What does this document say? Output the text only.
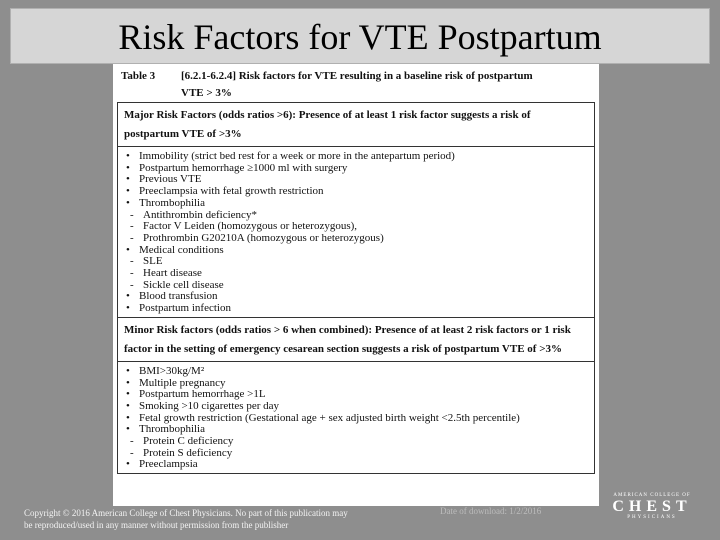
Risk Factors for VTE Postpartum
Table 3 [6.2.1-6.2.4] Risk factors for VTE resulting in a baseline risk of postpartum
VTE > 3%
Major Risk Factors (odds ratios >6): Presence of at least 1 risk factor suggests a risk of
postpartum VTE of >3%
• Immobility (strict bed rest for a week or more in the antepartum period)
• Postpartum hemorrhage ≥1000 ml with surgery
• Previous VTE
• Preeclampsia with fetal growth restriction
• Thrombophilia
- Antithrombin deficiency*
- Factor V Leiden (homozygous or heterozygous),
- Prothrombin G20210A (homozygous or heterozygous)
• Medical conditions
- SLE
- Heart disease
- Sickle cell disease
• Blood transfusion
• Postpartum infection
Minor Risk factors (odds ratios > 6 when combined): Presence of at least 2 risk factors or 1 risk
factor in the setting of emergency cesarean section suggests a risk of postpartum VTE of >3%
• BMI>30kg/M²
• Multiple pregnancy
• Postpartum hemorrhage >1L
• Smoking >10 cigarettes per day
• Fetal growth restriction (Gestational age + sex adjusted birth weight <2.5th percentile)
• Thrombophilia
- Protein C deficiency
- Protein S deficiency
• Preeclampsia
Copyright © 2016 American College of Chest Physicians. No part of this publication may
be reproduced/used in any manner without permission from the publisher
Date of download: 1/2/2016
AMERICAN COLLEGE OF
CHEST
PHYSICIANS
